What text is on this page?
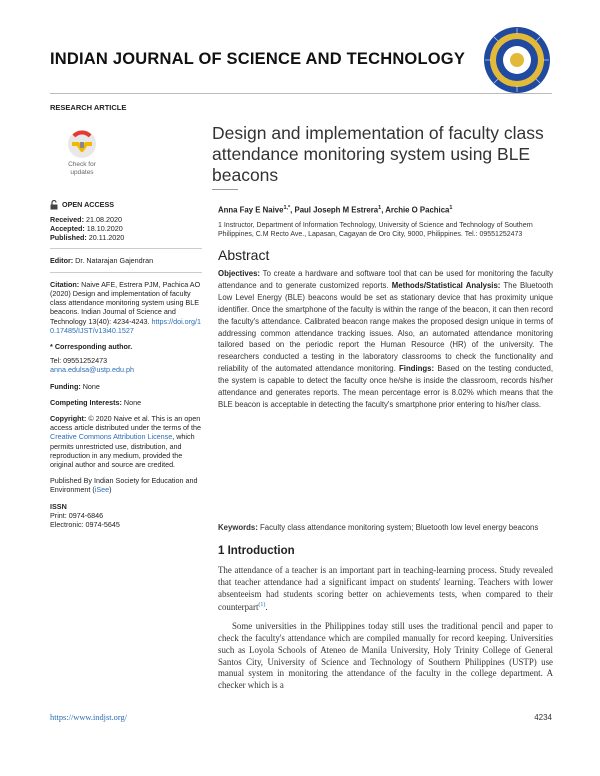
INDIAN JOURNAL OF SCIENCE AND TECHNOLOGY
RESEARCH ARTICLE
Check for
updates
Design and implementation of faculty class attendance monitoring system using BLE beacons
Anna Fay E Naive$^{1,*}$, Paul Joseph M Estrera$^1$, Archie O Pachica$^1$
1 Instructor, Department of Information Technology, University of Science and Technology of Southern Philippines, C.M Recto Ave., Lapasan, Cagayan de Oro City, 9000, Philippines. Tel.: 09551252473
OPEN ACCESS
Received: 21.08.2020
Accepted: 18.10.2020
Published: 20.11.2020
Editor: Dr. Natarajan Gajendran
Citation: Naive AFE, Estrera PJM, Pachica AO (2020) Design and implementation of faculty class attendance monitoring system using BLE beacons. Indian Journal of Science and Technology 13(40): 4234-4243. https://doi.org/10.17485/IJST/v13i40.1527
* Corresponding author.
Tel: 09551252473
anna.edulsa@ustp.edu.ph
Funding: None
Competing Interests: None
Copyright: © 2020 Naive et al. This is an open access article distributed under the terms of the Creative Commons Attribution License, which permits unrestricted use, distribution, and reproduction in any medium, provided the original author and source are credited.
Published By Indian Society for Education and Environment (iSee)
ISSN
Print: 0974-6846
Electronic: 0974-5645
Abstract
Objectives: To create a hardware and software tool that can be used for monitoring the faculty attendance and to generate customized reports. Methods/Statistical Analysis: The Bluetooth Low Level Energy (BLE) beacons would be set as stationary device that has proximity unique identifier. Once the smartphone of the faculty is within the range of the beacon, it can then record the faculty's attendance. Calibrated beacon range makes the proposed design unique in terms of addressing common attendance tracking issues. Also, an automated attendance monitoring tailored based on the periodic report the Human Resource (HR) of the university. The researchers conducted a testing in the laboratory classrooms to check the functionality and reliability of the automated attendance monitoring. Findings: Based on the testing conducted, the system is capable to detect the faculty once he/she is inside the classroom, records his/her attendance and generates reports. The mean percentage error is 8.02% which means that the BLE beacon is acceptable in detecting the faculty's smartphone prior entering to his/her class.
Keywords: Faculty class attendance monitoring system; Bluetooth low level energy beacons
1 Introduction

The attendance of a teacher is an important part in teaching-learning process. Study revealed that teacher attendance had a significant impact on students' learning. Teachers with lower absenteeism had students scoring better on achievements tests, when compared to their counterpart$^{(1)}$.

Some universities in the Philippines today still uses the traditional pencil and paper to check the faculty's attendance which are compiled manually for record keeping. Universities such as Loyola Schools of Ateneo de Manila University, Holy Trinity College of General Santos City, University of Science and Technology of Southern Philippines (USTP) use manual system in monitoring the attendance of the faculty in the college department. A checker which is a

https://www.indjst.org/	4234
